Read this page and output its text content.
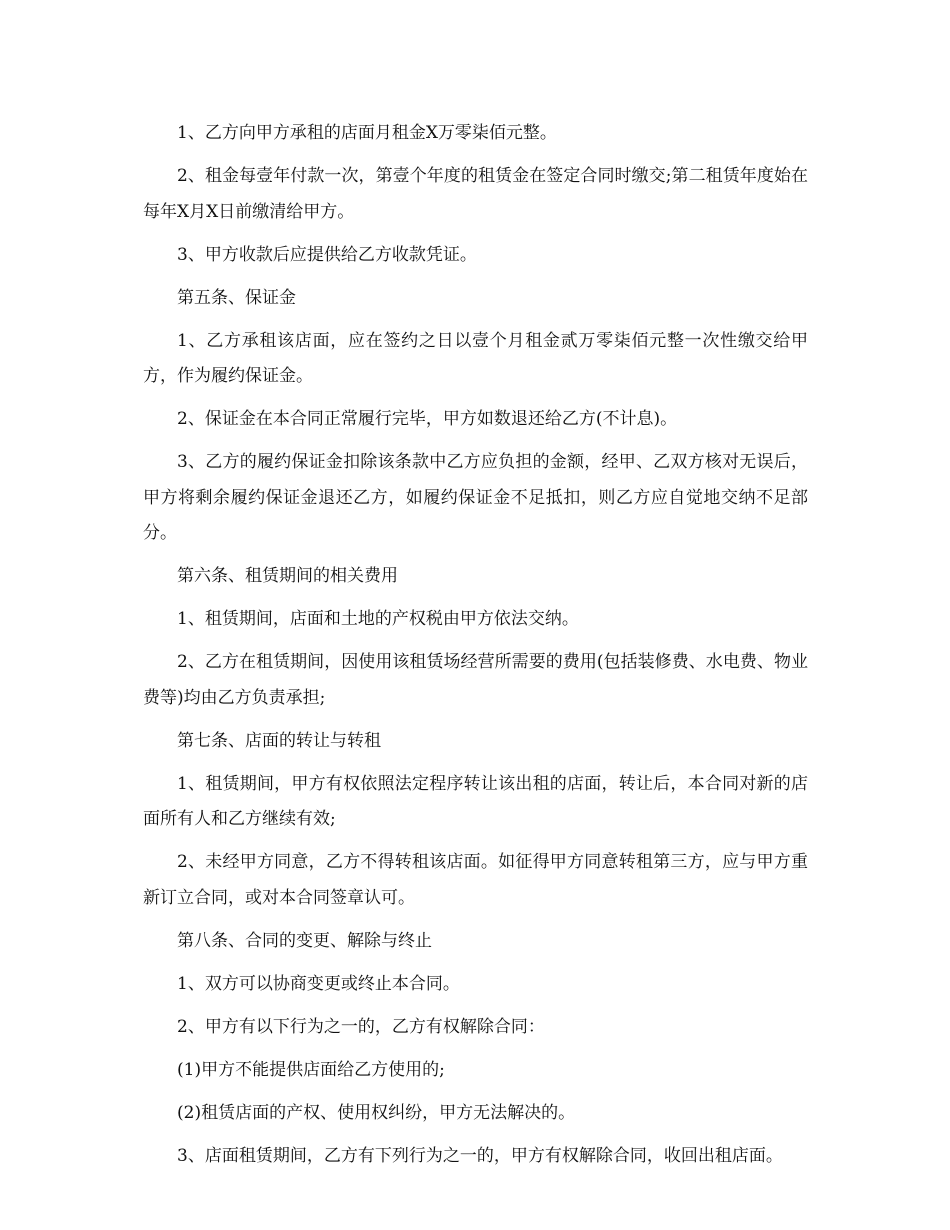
1、乙方向甲方承租的店面月租金X万零柒佰元整。

2、租金每壹年付款一次，第壹个年度的租赁金在签定合同时缴交;第二租赁年度始在每年X月X日前缴清给甲方。

3、甲方收款后应提供给乙方收款凭证。

第五条、保证金

1、乙方承租该店面，应在签约之日以壹个月租金贰万零柒佰元整一次性缴交给甲方，作为履约保证金。

2、保证金在本合同正常履行完毕，甲方如数退还给乙方(不计息)。

3、乙方的履约保证金扣除该条款中乙方应负担的金额，经甲、乙双方核对无误后，甲方将剩余履约保证金退还乙方，如履约保证金不足抵扣，则乙方应自觉地交纳不足部分。

第六条、租赁期间的相关费用

1、租赁期间，店面和土地的产权税由甲方依法交纳。

2、乙方在租赁期间，因使用该租赁场经营所需要的费用(包括装修费、水电费、物业费等)均由乙方负责承担;

第七条、店面的转让与转租

1、租赁期间，甲方有权依照法定程序转让该出租的店面，转让后，本合同对新的店面所有人和乙方继续有效;

2、未经甲方同意，乙方不得转租该店面。如征得甲方同意转租第三方，应与甲方重新订立合同，或对本合同签章认可。

第八条、合同的变更、解除与终止

1、双方可以协商变更或终止本合同。

2、甲方有以下行为之一的，乙方有权解除合同：

(1)甲方不能提供店面给乙方使用的;

(2)租赁店面的产权、使用权纠纷，甲方无法解决的。

3、店面租赁期间，乙方有下列行为之一的，甲方有权解除合同，收回出租店面。
